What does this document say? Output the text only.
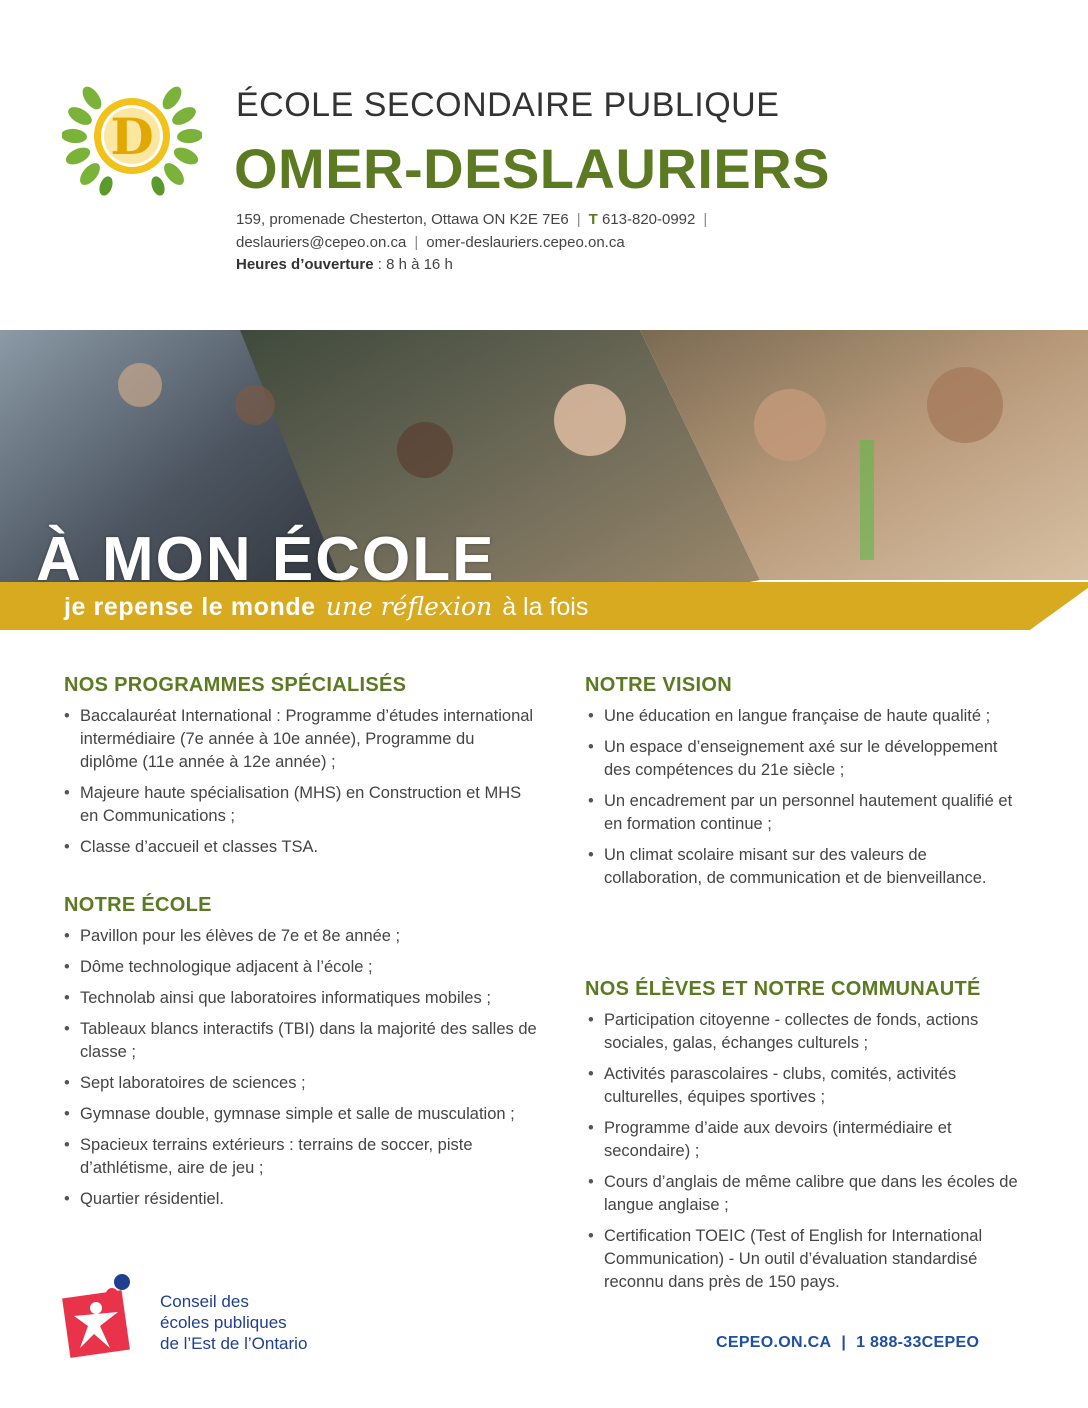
D
ÉCOLE SECONDAIRE PUBLIQUE
OMER-DESLAURIERS
159, promenade Chesterton, Ottawa ON K2E 7E6 | T 613-820-0992 |
deslauriers@cepeo.on.ca | omer-deslauriers.cepeo.on.ca
Heures d’ouverture : 8 h à 16 h
À MON ÉCOLE
je repense le monde une réflexion à la fois
NOS PROGRAMMES SPÉCIALISÉS
• Baccalauréat International : Programme d’études international intermédiaire (7e année à 10e année), Programme du diplôme (11e année à 12e année) ;
• Majeure haute spécialisation (MHS) en Construction et MHS en Communications ;
• Classe d’accueil et classes TSA.
NOTRE ÉCOLE
• Pavillon pour les élèves de 7e et 8e année ;
• Dôme technologique adjacent à l’école ;
• Technolab ainsi que laboratoires informatiques mobiles ;
• Tableaux blancs interactifs (TBI) dans la majorité des salles de classe ;
• Sept laboratoires de sciences ;
• Gymnase double, gymnase simple et salle de musculation ;
• Spacieux terrains extérieurs : terrains de soccer, piste d’athlétisme, aire de jeu ;
• Quartier résidentiel.
NOTRE VISION
• Une éducation en langue française de haute qualité ;
• Un espace d’enseignement axé sur le développement des compétences du 21e siècle ;
• Un encadrement par un personnel hautement qualifié et en formation continue ;
• Un climat scolaire misant sur des valeurs de collaboration, de communication et de bienveillance.
NOS ÉLÈVES ET NOTRE COMMUNAUTÉ
• Participation citoyenne - collectes de fonds, actions sociales, galas, échanges culturels ;
• Activités parascolaires - clubs, comités, activités culturelles, équipes sportives ;
• Programme d’aide aux devoirs (intermédiaire et secondaire) ;
• Cours d’anglais de même calibre que dans les écoles de langue anglaise ;
• Certification TOEIC (Test of English for International Communication) - Un outil d’évaluation standardisé reconnu dans près de 150 pays.
Conseil des
écoles publiques
de l’Est de l’Ontario	CEPEO.ON.CA | 1 888-33CEPEO
